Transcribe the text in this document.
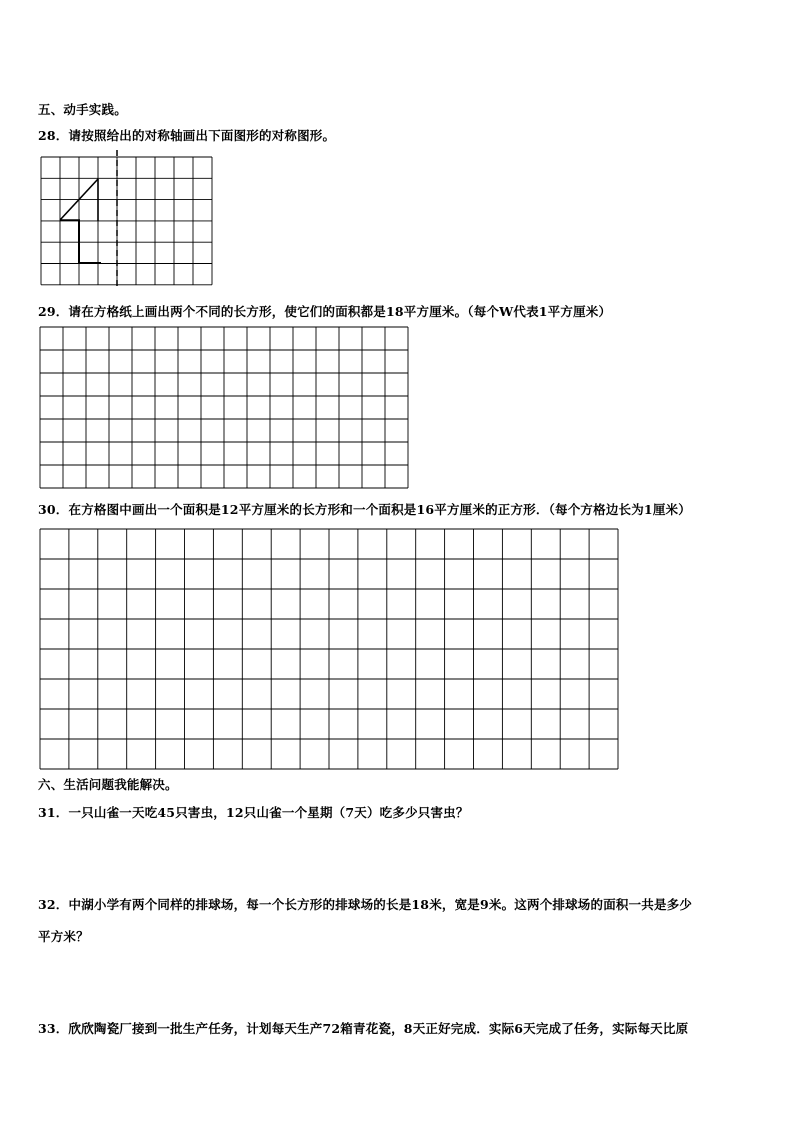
五、动手实践。
28．请按照给出的对称轴画出下面图形的对称图形。
29．请在方格纸上画出两个不同的长方形，使它们的面积都是18平方厘米。（每个W代表1平方厘米）
30．在方格图中画出一个面积是12平方厘米的长方形和一个面积是16平方厘米的正方形．（每个方格边长为1厘米）
六、生活问题我能解决。
31．一只山雀一天吃45只害虫，12只山雀一个星期（7天）吃多少只害虫？
32．中湖小学有两个同样的排球场，每一个长方形的排球场的长是18米，宽是9米。这两个排球场的面积一共是多少
平方米？
33．欣欣陶瓷厂接到一批生产任务，计划每天生产72箱青花瓷，8天正好完成．实际6天完成了任务，实际每天比原
